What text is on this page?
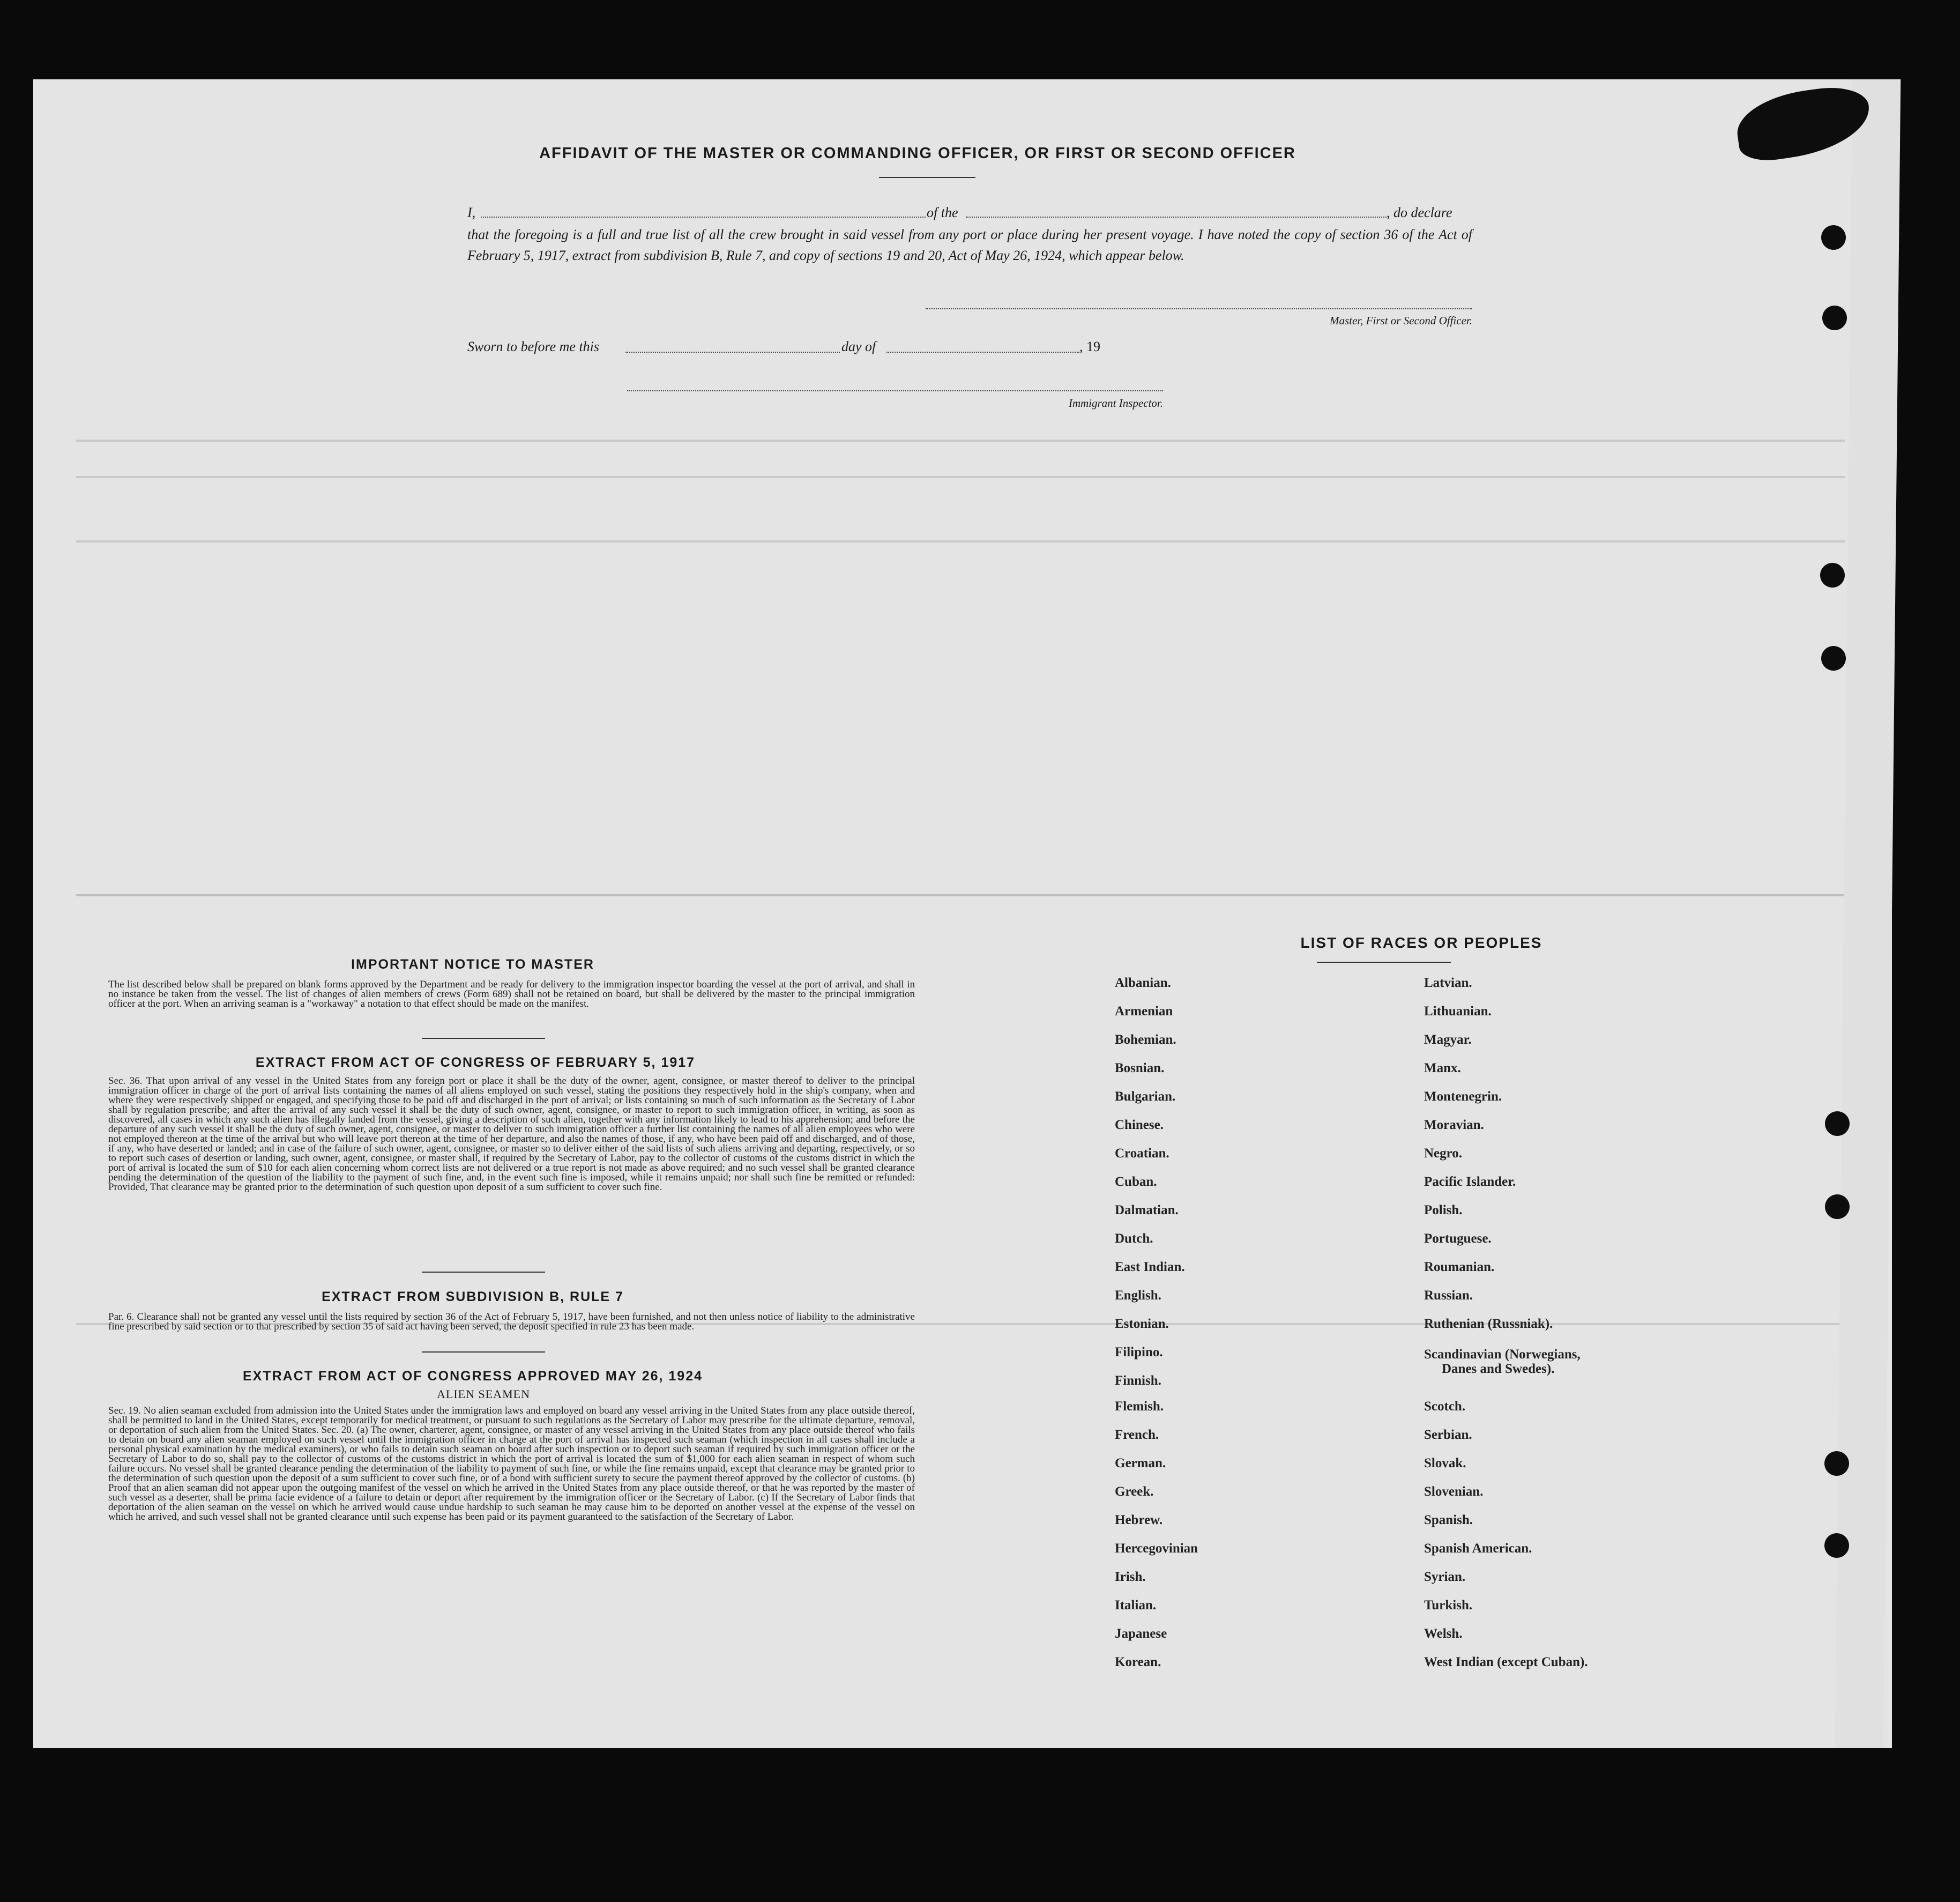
AFFIDAVIT OF THE MASTER OR COMMANDING OFFICER, OR FIRST OR SECOND OFFICER
I,	of the	, do declare
that the foregoing is a full and true list of all the crew brought in said vessel from any port or place during her present voyage. I have noted the copy of section 36 of the Act of February 5, 1917, extract from subdivision B, Rule 7, and copy of sections 19 and 20, Act of May 26, 1924, which appear below.
Master, First or Second Officer.
Sworn to before me this	day of	, 19
Immigrant Inspector.
IMPORTANT NOTICE TO MASTER
The list described below shall be prepared on blank forms approved by the Department and be ready for delivery to the immigration inspector boarding the vessel at the port of arrival, and shall in no instance be taken from the vessel. The list of changes of alien members of crews (Form 689) shall not be retained on board, but shall be delivered by the master to the principal immigration officer at the port. When an arriving seaman is a "workaway" a notation to that effect should be made on the manifest.
EXTRACT FROM ACT OF CONGRESS OF FEBRUARY 5, 1917
Sec. 36. That upon arrival of any vessel in the United States from any foreign port or place it shall be the duty of the owner, agent, consignee, or master thereof to deliver to the principal immigration officer in charge of the port of arrival lists containing the names of all aliens employed on such vessel, stating the positions they respectively hold in the ship's company, when and where they were respectively shipped or engaged, and specifying those to be paid off and discharged in the port of arrival; or lists containing so much of such information as the Secretary of Labor shall by regulation prescribe; and after the arrival of any such vessel it shall be the duty of such owner, agent, consignee, or master to report to such immigration officer, in writing, as soon as discovered, all cases in which any such alien has illegally landed from the vessel, giving a description of such alien, together with any information likely to lead to his apprehension; and before the departure of any such vessel it shall be the duty of such owner, agent, consignee, or master to deliver to such immigration officer a further list containing the names of all alien employees who were not employed thereon at the time of the arrival but who will leave port thereon at the time of her departure, and also the names of those, if any, who have been paid off and discharged, and of those, if any, who have deserted or landed; and in case of the failure of such owner, agent, consignee, or master so to deliver either of the said lists of such aliens arriving and departing, respectively, or so to report such cases of desertion or landing, such owner, agent, consignee, or master shall, if required by the Secretary of Labor, pay to the collector of customs of the customs district in which the port of arrival is located the sum of $10 for each alien concerning whom correct lists are not delivered or a true report is not made as above required; and no such vessel shall be granted clearance pending the determination of the question of the liability to the payment of such fine, and, in the event such fine is imposed, while it remains unpaid; nor shall such fine be remitted or refunded: Provided, That clearance may be granted prior to the determination of such question upon deposit of a sum sufficient to cover such fine.
EXTRACT FROM SUBDIVISION B, RULE 7
Par. 6. Clearance shall not be granted any vessel until the lists required by section 36 of the Act of February 5, 1917, have been furnished, and not then unless notice of liability to the administrative fine prescribed by said section or to that prescribed by section 35 of said act having been served, the deposit specified in rule 23 has been made.
EXTRACT FROM ACT OF CONGRESS APPROVED MAY 26, 1924
ALIEN SEAMEN
Sec. 19. No alien seaman excluded from admission into the United States under the immigration laws and employed on board any vessel arriving in the United States from any place outside thereof, shall be permitted to land in the United States, except temporarily for medical treatment, or pursuant to such regulations as the Secretary of Labor may prescribe for the ultimate departure, removal, or deportation of such alien from the United States. Sec. 20. (a) The owner, charterer, agent, consignee, or master of any vessel arriving in the United States from any place outside thereof who fails to detain on board any alien seaman employed on such vessel until the immigration officer in charge at the port of arrival has inspected such seaman (which inspection in all cases shall include a personal physical examination by the medical examiners), or who fails to detain such seaman on board after such inspection or to deport such seaman if required by such immigration officer or the Secretary of Labor to do so, shall pay to the collector of customs of the customs district in which the port of arrival is located the sum of $1,000 for each alien seaman in respect of whom such failure occurs. No vessel shall be granted clearance pending the determination of the liability to payment of such fine, or while the fine remains unpaid, except that clearance may be granted prior to the determination of such question upon the deposit of a sum sufficient to cover such fine, or of a bond with sufficient surety to secure the payment thereof approved by the collector of customs. (b) Proof that an alien seaman did not appear upon the outgoing manifest of the vessel on which he arrived in the United States from any place outside thereof, or that he was reported by the master of such vessel as a deserter, shall be prima facie evidence of a failure to detain or deport after requirement by the immigration officer or the Secretary of Labor. (c) If the Secretary of Labor finds that deportation of the alien seaman on the vessel on which he arrived would cause undue hardship to such seaman he may cause him to be deported on another vessel at the expense of the vessel on which he arrived, and such vessel shall not be granted clearance until such expense has been paid or its payment guaranteed to the satisfaction of the Secretary of Labor.
LIST OF RACES OR PEOPLES
Albanian.
Armenian
Bohemian.
Bosnian.
Bulgarian.
Chinese.
Croatian.
Cuban.
Dalmatian.
Dutch.
East Indian.
English.
Estonian.
Filipino.
Finnish.
Flemish.
French.
German.
Greek.
Hebrew.
Hercegovinian
Irish.
Italian.
Japanese
Korean.
Latvian.
Lithuanian.
Magyar.
Manx.
Montenegrin.
Moravian.
Negro.
Pacific Islander.
Polish.
Portuguese.
Roumanian.
Russian.
Ruthenian (Russniak).
Scandinavian (Norwegians,
Danes and Swedes).
Scotch.
Serbian.
Slovak.
Slovenian.
Spanish.
Spanish American.
Syrian.
Turkish.
Welsh.
West Indian (except Cuban).
